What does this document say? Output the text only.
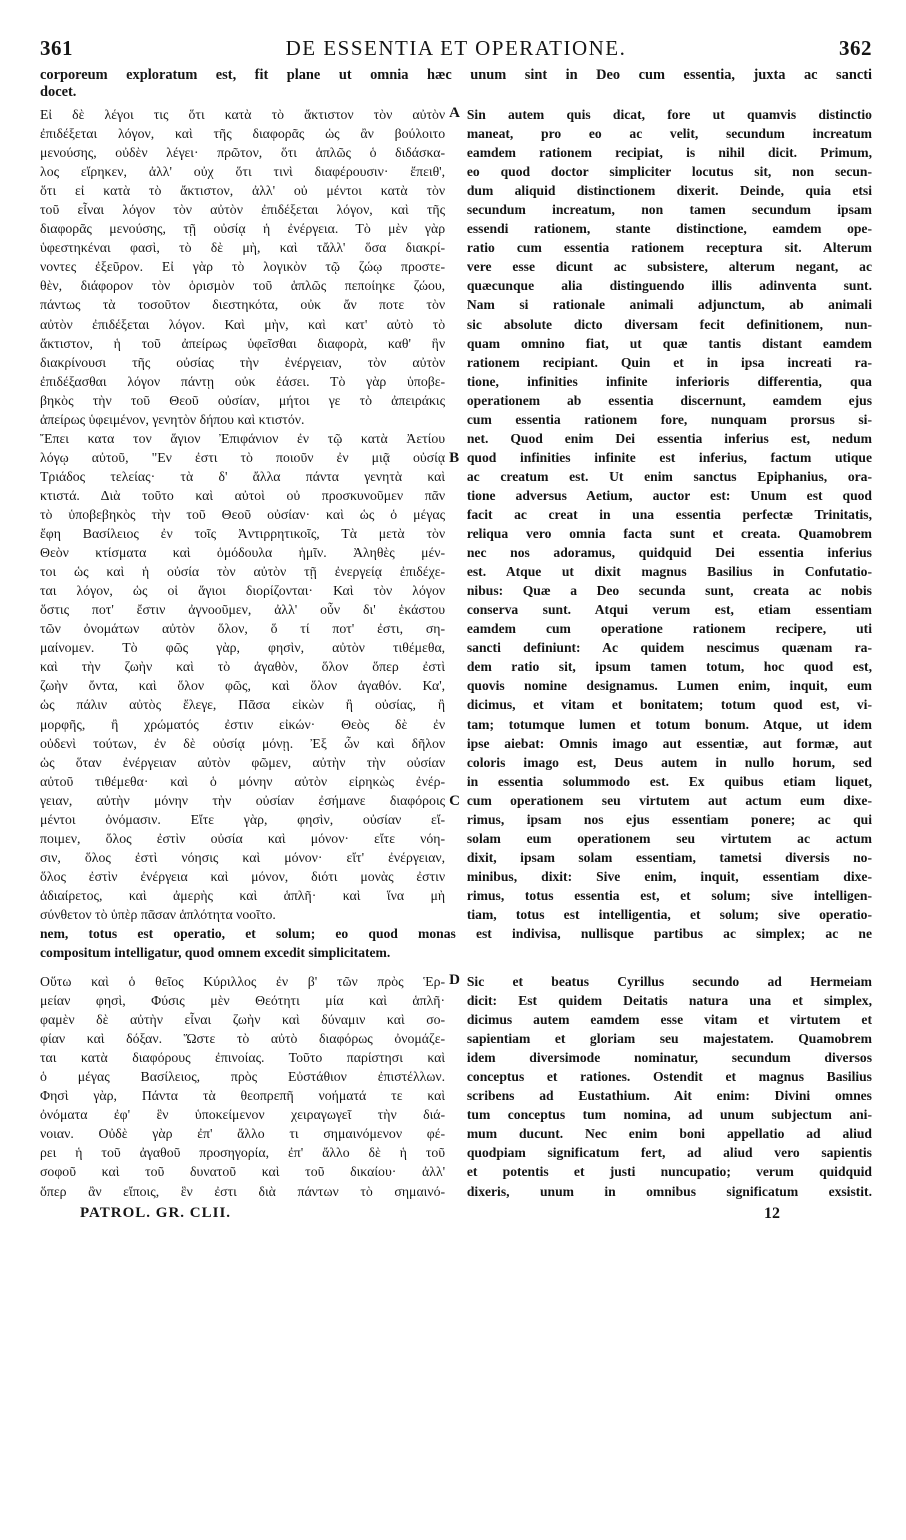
361	DE ESSENTIA ET OPERATIONE.	362
corporeum exploratum est, fit plane ut omnia hæc unum sint in Deo cum essentia, juxta ac sancti
docet.
Εἰ δὲ λέγοι τις ὅτι κατὰ τὸ ἄκτιστον τὸν αὐτὸν
ἐπιδέξεται λόγον, καὶ τῆς διαφορᾶς ὡς ἂν βούλοιτο
μενούσης, οὐδὲν λέγει· πρῶτον, ὅτι ἁπλῶς ὁ διδάσκα-
λος εἴρηκεν, ἀλλ' οὐχ ὅτι τινὶ διαφέρουσιν· ἔπειθ',
ὅτι εἰ κατὰ τὸ ἄκτιστον, ἀλλ' οὐ μέντοι κατὰ τὸν
τοῦ εἶναι λόγον τὸν αὐτὸν ἐπιδέξεται λόγον, καὶ τῆς
διαφορᾶς μενούσης, τῇ οὐσίᾳ ἡ ἐνέργεια. Τὸ μὲν γὰρ
ὑφεστηκέναι φασὶ, τὸ δὲ μὴ, καὶ τἄλλ' ὅσα διακρί-
νοντες ἐξεῦρον. Εἰ γὰρ τὸ λογικὸν τῷ ζώῳ προστε-
θὲν, διάφορον τὸν ὁρισμὸν τοῦ ἁπλῶς πεποίηκε ζώου,
πάντως τὰ τοσοῦτον διεστηκότα, οὐκ ἄν ποτε τὸν
αὐτὸν ἐπιδέξεται λόγον. Καὶ μὴν, καὶ κατ' αὐτὸ τὸ
ἄκτιστον, ἡ τοῦ ἀπείρως ὑφεῖσθαι διαφορὰ, καθ' ἣν
διακρίνουσι τῆς οὐσίας τὴν ἐνέργειαν, τὸν αὐτὸν
ἐπιδέξασθαι λόγον πάντῃ οὐκ ἐάσει. Τὸ γὰρ ὑποβε-
βηκὸς τὴν τοῦ Θεοῦ οὐσίαν, μήτοι γε τὸ ἀπειράκις
ἀπείρως ὑφειμένον, γενητὸν δήπου καὶ κτιστόν.
Ἔπει κατα τον ἅγιον Ἐπιφάνιον ἐν τῷ κατὰ Ἀετίου
λόγῳ αὐτοῦ, "Εν ἐστι τὸ ποιοῦν ἐν μιᾷ οὐσίᾳ
Τριάδος τελείας· τὰ δ' ἄλλα πάντα γενητὰ καὶ
κτιστά. Διὰ τοῦτο καὶ αὐτοὶ οὐ προσκυνοῦμεν πᾶν
τὸ ὑποβεβηκὸς τὴν τοῦ Θεοῦ οὐσίαν· καὶ ὡς ὁ μέγας
ἔφη Βασίλειος ἐν τοῖς Ἀντιρρητικοῖς, Τὰ μετὰ τὸν
Θεὸν κτίσματα καὶ ὁμόδουλα ἡμῖν. Ἀληθὲς μέν-
τοι ὡς καὶ ἡ οὐσία τὸν αὐτὸν τῇ ἐνεργείᾳ ἐπιδέχε-
ται λόγον, ὡς οἱ ἅγιοι διορίζονται· Καὶ τὸν λόγον
ὅστις ποτ' ἔστιν ἀγνοοῦμεν, ἀλλ' οὖν δι' ἑκάστου
τῶν ὀνομάτων αὐτὸν ὅλον, ὅ τί ποτ' ἐστι, ση-
μαίνομεν. Τὸ φῶς γὰρ, φησὶν, αὐτὸν τιθέμεθα,
καὶ τὴν ζωὴν καὶ τὸ ἀγαθὸν, ὅλον ὅπερ ἐστὶ
ζωὴν ὄντα, καὶ ὅλον φῶς, καὶ ὅλον ἀγαθόν. Κα',
ὡς πάλιν αὐτὸς ἔλεγε, Πᾶσα εἰκὼν ἢ οὐσίας, ἢ
μορφῆς, ἢ χρώματός ἐστιν εἰκών· Θεὸς δὲ ἐν
οὐδενὶ τούτων, ἐν δὲ οὐσίᾳ μόνῃ. Ἐξ ὧν καὶ δῆλον
ὡς ὅταν ἐνέργειαν αὐτὸν φῶμεν, αὐτὴν τὴν οὐσίαν
αὐτοῦ τιθέμεθα· καὶ ὁ μόνην αὐτὸν εἰρηκὼς ἐνέρ-
γειαν, αὐτὴν μόνην τὴν οὐσίαν ἐσήμανε διαφόροις
μέντοι ὀνόμασιν. Εἴτε γὰρ, φησὶν, οὐσίαν εἴ-
ποιμεν, ὅλος ἐστὶν οὐσία καὶ μόνον· εἴτε νόη-
σιν, ὅλος ἐστὶ νόησις καὶ μόνον· εἴτ' ἐνέργειαν,
ὅλος ἐστὶν ἐνέργεια καὶ μόνον, διότι μονὰς ἐστιν
ἀδιαίρετος, καὶ ἀμερὴς καὶ ἁπλῆ· καὶ ἵνα μὴ
σύνθετον τὸ ὑπὲρ πᾶσαν ἁπλότητα νοοῖτο.
A
B
C
Sin autem quis dicat, fore ut quamvis distinctio
maneat, pro eo ac velit, secundum increatum
eamdem rationem recipiat, is nihil dicit. Primum,
eo quod doctor simpliciter locutus sit, non secun-
dum aliquid distinctionem dixerit. Deinde, quia etsi
secundum increatum, non tamen secundum ipsam
essendi rationem, stante distinctione, eamdem ope-
ratio cum essentia rationem receptura sit. Alterum
vere esse dicunt ac subsistere, alterum negant, ac
quæcunque alia distinguendo illis adinventa sunt.
Nam si rationale animali adjunctum, ab animali
sic absolute dicto diversam fecit definitionem, nun-
quam omnino fiat, ut quæ tantis distant eamdem
rationem recipiant. Quin et in ipsa increati ra-
tione, infinities infinite inferioris differentia, qua
operationem ab essentia discernunt, eamdem ejus
cum essentia rationem fore, nunquam prorsus si-
net. Quod enim Dei essentia inferius est, nedum
quod infinities infinite est inferius, factum utique
ac creatum est. Ut enim sanctus Epiphanius, ora-
tione adversus Aetium, auctor est: Unum est quod
facit ac creat in una essentia perfectæ Trinitatis,
reliqua vero omnia facta sunt et creata. Quamobrem
nec nos adoramus, quidquid Dei essentia inferius
est. Atque ut dixit magnus Basilius in Confutatio-
nibus: Quæ a Deo secunda sunt, creata ac nobis
conserva sunt. Atqui verum est, etiam essentiam
eamdem cum operatione rationem recipere, uti
sancti definiunt: Ac quidem nescimus quænam ra-
dem ratio sit, ipsum tamen totum, hoc quod est,
quovis nomine designamus. Lumen enim, inquit, eum
dicimus, et vitam et bonitatem; totum quod est, vi-
tam; totumque lumen et totum bonum. Atque, ut idem
ipse aiebat: Omnis imago aut essentiæ, aut formæ, aut
coloris imago est, Deus autem in nullo horum, sed
in essentia solummodo est. Ex quibus etiam liquet,
cum operationem seu virtutem aut actum eum dixe-
rimus, ipsam nos ejus essentiam ponere; ac qui
solam eum operationem seu virtutem ac actum
dixit, ipsam solam essentiam, tametsi diversis no-
minibus, dixit: Sive enim, inquit, essentiam dixe-
rimus, totus essentia est, et solum; sive intelligen-
tiam, totus est intelligentia, et solum; sive operatio-
nem, totus est operatio, et solum; eo quod monas est indivisa, nullisque partibus ac simplex; ac ne
compositum intelligatur, quod omnem excedit simplicitatem.
Οὕτω καὶ ὁ θεῖος Κύριλλος ἐν β' τῶν πρὸς Ἑρ-
μείαν φησὶ, Φύσις μὲν Θεότητι μία καὶ ἁπλῆ·
φαμὲν δὲ αὐτὴν εἶναι ζωὴν καὶ δύναμιν καὶ σο-
φίαν καὶ δόξαν. Ὥστε τὸ αὐτὸ διαφόρως ὀνομάζε-
ται κατὰ διαφόρους ἐπινοίας. Τοῦτο παρίστησι καὶ
ὁ μέγας Βασίλειος, πρὸς Εὐστάθιον ἐπιστέλλων.
Φησὶ γὰρ, Πάντα τὰ θεοπρεπῆ νοήματά τε καὶ
ὀνόματα ἐφ' ἓν ὑποκείμενον χειραγωγεῖ τὴν διά-
νοιαν. Οὐδὲ γὰρ ἐπ' ἄλλο τι σημαινόμενον φέ-
ρει ἡ τοῦ ἀγαθοῦ προσηγορία, ἐπ' ἄλλο δὲ ἡ τοῦ
σοφοῦ καὶ τοῦ δυνατοῦ καὶ τοῦ δικαίου· ἀλλ'
ὅπερ ἂν εἴποις, ἓν ἐστι διὰ πάντων τὸ σημαινό-
D Sic et beatus Cyrillus secundo ad Hermeiam
dicit: Est quidem Deitatis natura una et simplex,
dicimus autem eamdem esse vitam et virtutem et
sapientiam et gloriam seu majestatem. Quamobrem
idem diversimode nominatur, secundum diversos
conceptus et rationes. Ostendit et magnus Basilius
scribens ad Eustathium. Ait enim: Divini omnes
tum conceptus tum nomina, ad unum subjectum ani-
mum ducunt. Nec enim boni appellatio ad aliud
quodpiam significatum fert, ad aliud vero sapientis
et potentis et justi nuncupatio; verum quidquid
dixeris, unum in omnibus significatum exsistit.
PATROL. GR. CLII.	12
